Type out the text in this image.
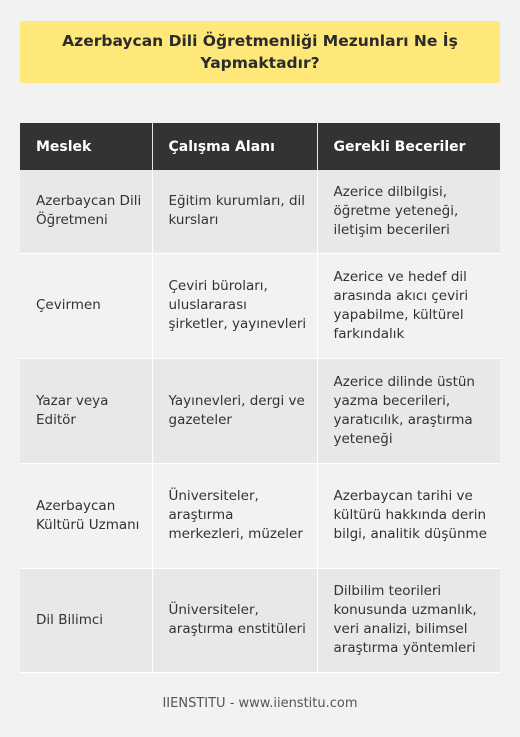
Azerbaycan Dili Öğretmenliği Mezunları Ne İş Yapmaktadır?
Meslek	Çalışma Alanı	Gerekli Beceriler
Azerbaycan Dili Öğretmeni	Eğitim kurumları, dil kursları	Azerice dilbilgisi, öğretme yeteneği, iletişim becerileri
Çevirmen	Çeviri büroları, uluslararası şirketler, yayınevleri	Azerice ve hedef dil arasında akıcı çeviri yapabilme, kültürel farkındalık
Yazar veya Editör	Yayınevleri, dergi ve gazeteler	Azerice dilinde üstün yazma becerileri, yaratıcılık, araştırma yeteneği
Azerbaycan Kültürü Uzmanı	Üniversiteler, araştırma merkezleri, müzeler	Azerbaycan tarihi ve kültürü hakkında derin bilgi, analitik düşünme
Dil Bilimci	Üniversiteler, araştırma enstitüleri	Dilbilim teorileri konusunda uzmanlık, veri analizi, bilimsel araştırma yöntemleri
IIENSTITU - www.iienstitu.com
